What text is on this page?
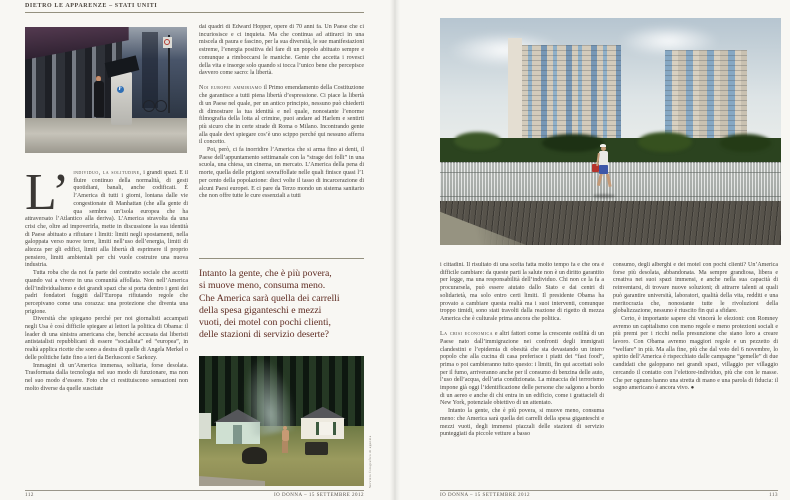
DIETRO LE APPARENZE – STATI UNITI
P

dai quadri di Edward Hopper, opere di 70 anni fa. Un Paese che ci incuriosisce e ci inquieta. Ma che continua ad attirarci in una miscela di paura e fascino, per la sua diversità, le sue manifestazioni estreme, l’energia positiva del fare di un popolo abituato sempre e comunque a rimboccarsi le maniche. Gente che accetta i rovesci della vita e insorge solo quando si tocca l’unico bene che percepisce davvero come sacro: la libertà.

Noi europei ammiriamo il Primo emendamento della Costituzione che garantisce a tutti piena libertà d’espressione. Ci piace la libertà di un Paese nel quale, per un antico principio, nessuno può chiederti di dimostrare la tua identità e nel quale, nonostante l’enorme filmografia della lotta al crimine, puoi andare ad Harlem e sentirti più sicuro che in certe strade di Roma o Milano. Incontrando gente alla quale devi spiegare cos’è uno scippo perché qui nessuno afferra il concetto.

Poi, però, ci fa inorridire l’America che si arma fino ai denti, il Paese dell’appuntamento settimanale con la “strage dei folli” in una scuola, una chiesa, un cinema, un mercato. L’America della pena di morte, quella delle prigioni sovraffollate nelle quali finisce quasi l’1 per cento della popolazione: dieci volte il tasso di incarcerazione di alcuni Paesi europei. E ci pare da Terzo mondo un sistema sanitario che non offre tutte le cure essenziali a tutti

L’ individuo, la solitudine, i grandi spazi. E il fluire continuo della normalità, di gesti quotidiani, banali, anche codificati. È l’America di tutti i giorni, lontana dalle vie congestionate di Manhattan (che alla gente di qua sembra un’isola europea che ha attraversato l’Atlantico alla deriva). L’America stravolta da una crisi che, oltre ad impoverirla, mette in discussione la sua identità di Paese abituato a rifiutare i limiti: limiti negli spostamenti, nella galoppata verso nuove terre, limiti nell’uso dell’energia, limiti di altezza per gli edifici, limiti alla libertà di esprimere il proprio pensiero, limiti ambientali per chi vuole costruire una nuova industria.

Tutta roba che da noi fa parte del contratto sociale che accetti quando vai a vivere in una comunità affollata. Non nell’America dell’individualismo e dei grandi spazi che si porta dentro i geni dei padri fondatori fuggiti dall’Europa rifiutando regole che percepivano come una corazza: una protezione che diventa una prigione.

Diversità che spiegano perché per noi giornalisti accampati negli Usa è così difficile spiegare ai lettori la politica di Obama: il leader di una sinistra americana che, benché accusata dai liberisti antistatalisti repubblicani di essere “socialista” ed “europea”, in realtà applica ricette che sono a destra di quelle di Angela Merkel o delle politiche fatte fino a ieri da Berlusconi e Sarkozy.

Immagini di un’America immensa, solitaria, forse desolata. Trasformata dalla tecnologia nel suo modo di funzionare, ma non nel suo modo d’essere. Foto che ci restituiscono sensazioni non molto diverse da quelle suscitate

Intanto la gente, che è più povera,
si muove meno, consuma meno.
Che America sarà quella dei carrelli
della spesa giganteschi e mezzi
vuoti, dei motel con pochi clienti,
delle stazioni di servizio deserte?
Servizio fotografico di agenzia
112	IO DONNA – 15 SETTEMBRE 2012

i cittadini. Il risultato di una scelta fatta molto tempo fa e che ora è difficile cambiare: da queste parti la salute non è un diritto garantito per legge, ma una responsabilità dell’individuo. Chi non ce la fa a procurarsela, può essere aiutato dallo Stato e dai centri di solidarietà, ma solo entro certi limiti. Il presidente Obama ha provato a cambiare questa realtà ma i suoi interventi, comunque troppo timidi, sono stati travolti dalla reazione di rigetto di mezza America che è culturale prima ancora che politica.

La crisi economica e altri fattori come la crescente ostilità di un Paese nato dall’immigrazione nei confronti degli immigrati clandestini e l’epidemia di obesità che sta devastando un intero popolo che alla cucina di casa preferisce i piatti dei “fast food”, prima o poi cambieranno tutto questo: i limiti, fin qui accettati solo per il fumo, arriveranno anche per il consumo di benzina delle auto, l’uso dell’acqua, dell’aria condizionata. La minaccia del terrorismo impone già oggi l’identificazione delle persone che salgono a bordo di un aereo e anche di chi entra in un edificio, come i grattacieli di New York, potenziale obiettivo di un attentato.

Intanto la gente, che è più povera, si muove meno, consuma meno: che America sarà quella dei carrelli della spesa giganteschi e mezzi vuoti, degli immensi piazzali delle stazioni di servizio punteggiati da piccole vetture a basso

consumo, degli alberghi e dei motel con pochi clienti? Un’America forse più desolata, abbandonata. Ma sempre grandiosa, libera e creativa nei suoi spazi immensi, e anche nella sua capacità di reinventarsi, di trovare nuove soluzioni; di attrarre talenti ai quali può garantire università, laboratori, qualità della vita, redditi e una meritocrazia che, nonostante tutte le rivoluzioni della globalizzazione, nessuno è riuscito fin qui a sfidare.

Certo, è importante sapere chi vincerà le elezioni: con Romney avremo un capitalismo con meno regole e meno protezioni sociali e più premi per i ricchi nella presunzione che siano loro a creare lavoro. Con Obama avremo maggiori regole e un pezzetto di “welfare” in più. Ma alla fine, più che dal voto del 6 novembre, lo spirito dell’America è rispecchiato dalle campagne “gemelle” di due candidati che galoppano nei grandi spazi, villaggio per villaggio cercando il contatto con l’elettore-individuo, più che con le masse. Che per ognuno hanno una stretta di mano e una parola di fiducia: il sogno americano è ancora vivo. ●

IO DONNA – 15 SETTEMBRE 2012	113
